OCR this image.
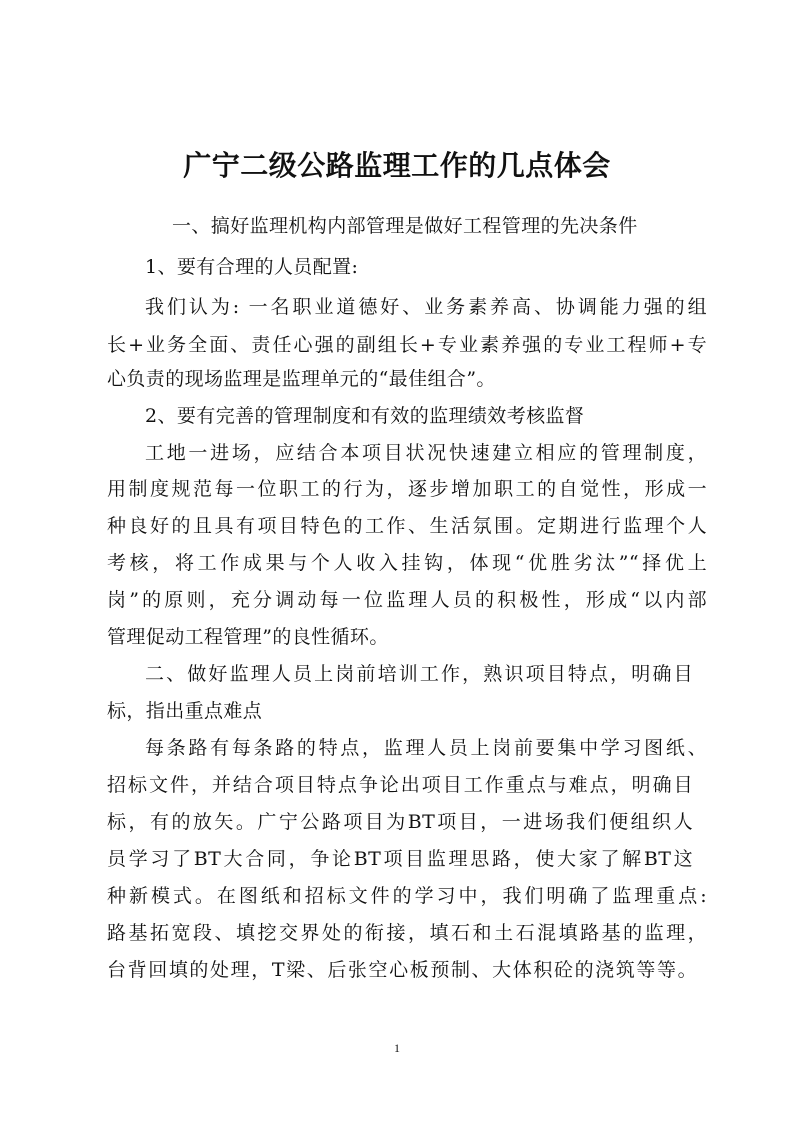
广宁二级公路监理工作的几点体会
一、搞好监理机构内部管理是做好工程管理的先决条件
1、要有合理的人员配置:
我们认为: 一名职业道德好、业务素养高、协调能力强的组
长+业务全面、责任心强的副组长+专业素养强的专业工程师+专
心负责的现场监理是监理单元的“最佳组合”。
2、要有完善的管理制度和有效的监理绩效考核监督
工地一进场，应结合本项目状况快速建立相应的管理制度，
用制度规范每一位职工的行为，逐步增加职工的自觉性，形成一
种良好的且具有项目特色的工作、生活氛围。定期进行监理个人
考核，将工作成果与个人收入挂钩，体现“优胜劣汰”“择优上
岗”的原则，充分调动每一位监理人员的积极性，形成“以内部
管理促动工程管理”的良性循环。
二、做好监理人员上岗前培训工作，熟识项目特点，明确目
标，指出重点难点
每条路有每条路的特点，监理人员上岗前要集中学习图纸、
招标文件，并结合项目特点争论出项目工作重点与难点，明确目
标，有的放矢。广宁公路项目为BT项目，一进场我们便组织人
员学习了BT大合同，争论BT项目监理思路，使大家了解BT这
种新模式。在图纸和招标文件的学习中，我们明确了监理重点:
路基拓宽段、填挖交界处的衔接，填石和土石混填路基的监理，
台背回填的处理，T梁、后张空心板预制、大体积砼的浇筑等等。
1
